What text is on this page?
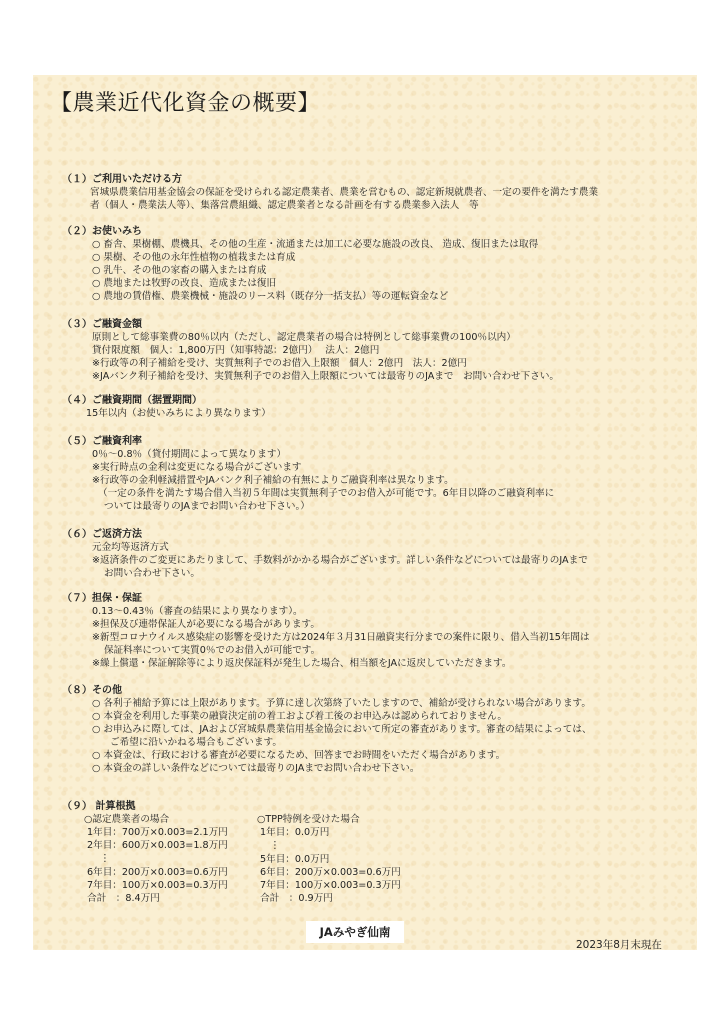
【農業近代化資金の概要】
（１）ご利用いただける方
宮城県農業信用基金協会の保証を受けられる認定農業者、農業を営むもの、認定新規就農者、一定の要件を満たす農業
者（個人・農業法人等）、集落営農組織、認定農業者となる計画を有する農業参入法人　等
（２）お使いみち
○ 畜舎、果樹棚、農機具、その他の生産・流通または加工に必要な施設の改良、 造成、復旧または取得
○ 果樹、その他の永年性植物の植栽または育成
○ 乳牛、その他の家畜の購入または育成
○ 農地または牧野の改良、造成または復旧
○ 農地の賃借権、農業機械・施設のリース料（既存分一括支払）等の運転資金など
（３）ご融資金額
原則として総事業費の80％以内（ただし、認定農業者の場合は特例として総事業費の100％以内）
貸付限度額　個人：1,800万円（知事特認：2億円）　 法人：2億円
※行政等の利子補給を受け、実質無利子でのお借入上限額　個人：2億円　法人：2億円
※JAバンク利子補給を受け、実質無利子でのお借入上限額については最寄りのJAまで　お問い合わせ下さい。
（４）ご融資期間（据置期間）
15年以内（お使いみちにより異なります）
（５）ご融資利率
0％～0.8％（貸付期間によって異なります）
※実行時点の金利は変更になる場合がございます
※行政等の金利軽減措置やJAバンク利子補給の有無によりご融資利率は異なります。
（一定の条件を満たす場合借入当初５年間は実質無利子でのお借入が可能です。6年目以降のご融資利率に
ついては最寄りのJAまでお問い合わせ下さい。）
（６）ご返済方法
元金均等返済方式
※返済条件のご変更にあたりまして、手数料がかかる場合がございます。詳しい条件などについては最寄りのJAまで
お問い合わせ下さい。
（７）担保・保証
0.13～0.43％（審査の結果により異なります）。
※担保及び連帯保証人が必要になる場合があります。
※新型コロナウイルス感染症の影響を受けた方は2024年３月31日融資実行分までの案件に限り、借入当初15年間は
保証料率について実質0％でのお借入が可能です。
※繰上償還・保証解除等により返戻保証料が発生した場合、相当額をJAに返戻していただきます。
（８）その他
○ 各利子補給予算には上限があります。予算に達し次第終了いたしますので、補給が受けられない場合があります。
○ 本資金を利用した事業の融資決定前の着工および着工後のお申込みは認められておりません。
○ お申込みに際しては、JAおよび宮城県農業信用基金協会において所定の審査があります。審査の結果によっては、
ご希望に沿いかねる場合もございます。
○ 本資金は、行政における審査が必要になるため、回答までお時間をいただく場合があります。
○ 本資金の詳しい条件などについては最寄りのJAまでお問い合わせ下さい。
（９） 計算根拠
○認定農業者の場合
1年目：700万×0.003=2.1万円
2年目：600万×0.003=1.8万円
⋮
6年目：200万×0.003=0.6万円
7年目：100万×0.003=0.3万円
合計　：8.4万円
○TPP特例を受けた場合
1年目：0.0万円
⋮
5年目：0.0万円
6年目：200万×0.003=0.6万円
7年目：100万×0.003=0.3万円
合計　：0.9万円
JAみやぎ仙南
2023年8月末現在
